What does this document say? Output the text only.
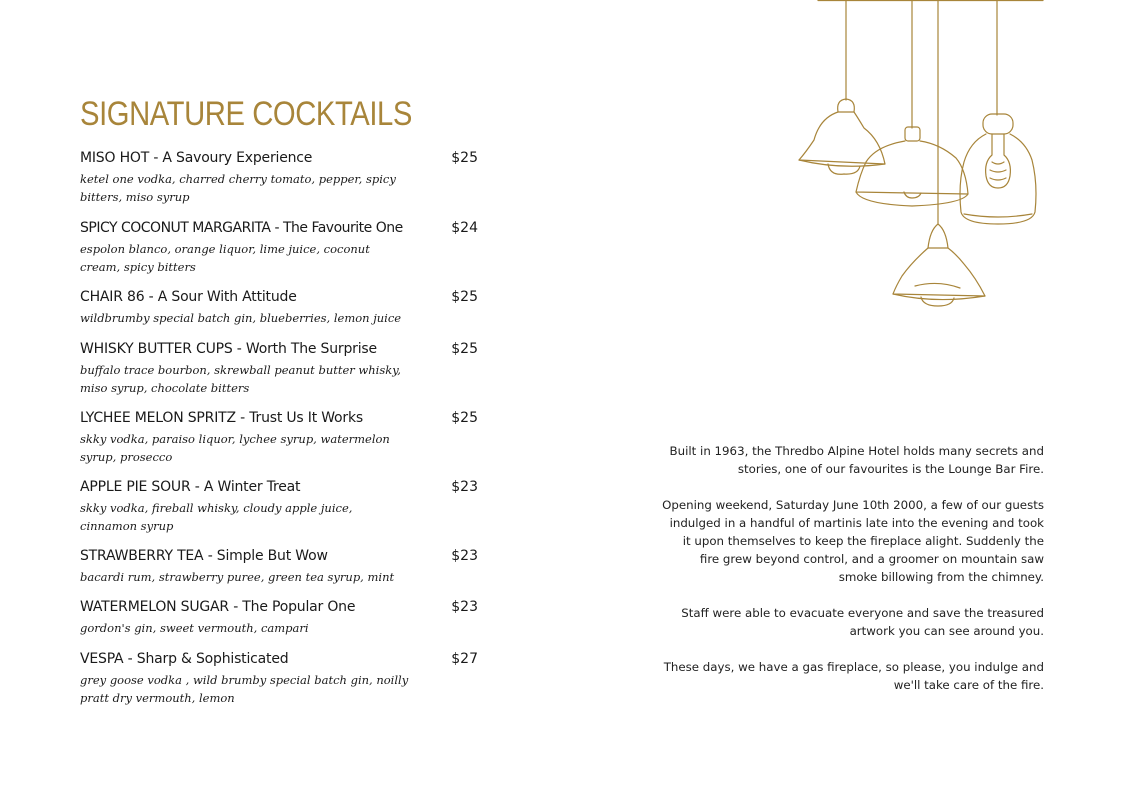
SIGNATURE COCKTAILS
MISO HOT - A Savoury Experience	$25
ketel one vodka, charred cherry tomato, pepper, spicy bitters, miso syrup
SPICY COCONUT MARGARITA - The Favourite One	$24
espolon blanco, orange liquor, lime juice, coconut cream, spicy bitters
CHAIR 86 - A Sour With Attitude	$25
wildbrumby special batch gin, blueberries, lemon juice
WHISKY BUTTER CUPS - Worth The Surprise	$25
buffalo trace bourbon, skrewball peanut butter whisky, miso syrup, chocolate bitters
LYCHEE MELON SPRITZ - Trust Us It Works	$25
skky vodka, paraiso liquor, lychee syrup, watermelon syrup, prosecco
APPLE PIE SOUR - A Winter Treat	$23
skky vodka, fireball whisky, cloudy apple juice, cinnamon syrup
STRAWBERRY TEA - Simple But Wow	$23
bacardi rum, strawberry puree, green tea syrup, mint
WATERMELON SUGAR - The Popular One	$23
gordon's gin, sweet vermouth, campari
VESPA - Sharp & Sophisticated	$27
grey goose vodka , wild brumby special batch gin, noilly pratt dry vermouth, lemon

Built in 1963, the Thredbo Alpine Hotel holds many secrets and stories, one of our favourites is the Lounge Bar Fire.

Opening weekend, Saturday June 10th 2000, a few of our guests indulged in a handful of martinis late into the evening and took it upon themselves to keep the fireplace alight. Suddenly the fire grew beyond control, and a groomer on mountain saw smoke billowing from the chimney.

Staff were able to evacuate everyone and save the treasured artwork you can see around you.

These days, we have a gas fireplace, so please, you indulge and we'll take care of the fire.
